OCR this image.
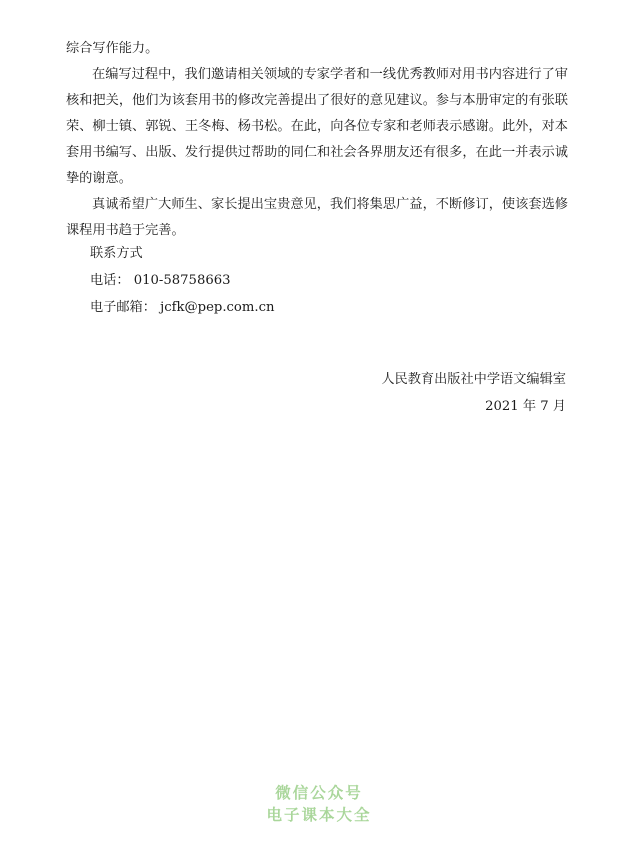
综合写作能力。

在编写过程中，我们邀请相关领域的专家学者和一线优秀教师对用书内容进行了审核和把关，他们为该套用书的修改完善提出了很好的意见建议。参与本册审定的有张联荣、柳士镇、郭锐、王冬梅、杨书松。在此，向各位专家和老师表示感谢。此外，对本套用书编写、出版、发行提供过帮助的同仁和社会各界朋友还有很多，在此一并表示诚挚的谢意。

真诚希望广大师生、家长提出宝贵意见，我们将集思广益，不断修订，使该套选修课程用书趋于完善。

联系方式
电话： 010-58758663
电子邮箱： jcfk@pep.com.cn
人民教育出版社中学语文编辑室
2021 年 7 月
微信公众号
电子课本大全
